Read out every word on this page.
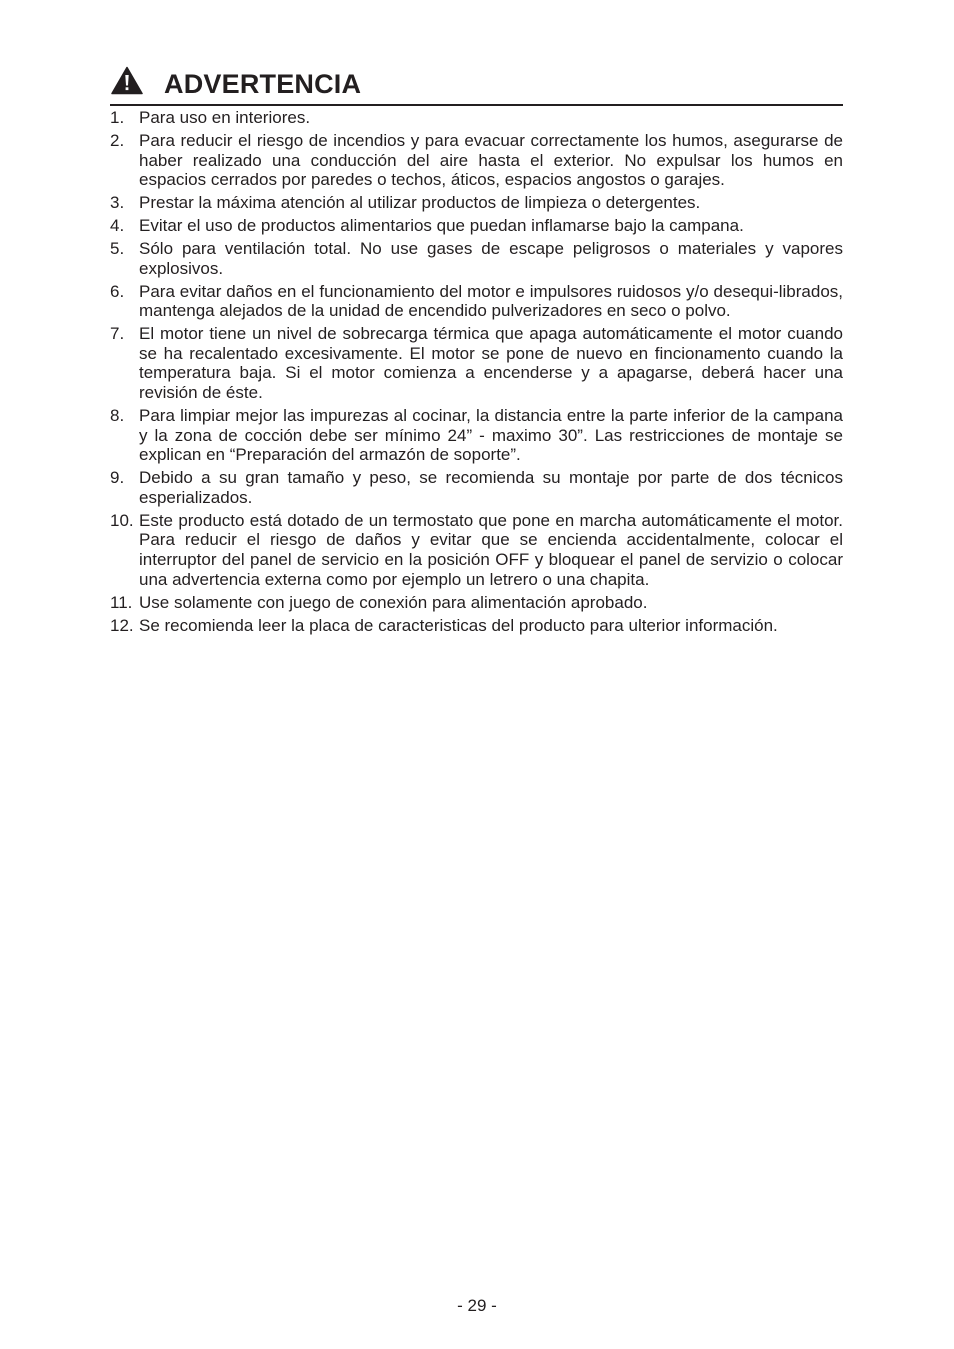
ADVERTENCIA
1. Para uso en interiores.
2. Para reducir el riesgo de incendios y para evacuar correctamente los humos, asegurarse de haber realizado una conducción del aire hasta el exterior. No expulsar los humos en espacios cerrados por paredes o techos, áticos, espacios angostos o garajes.
3. Prestar la máxima atención al utilizar productos de limpieza o detergentes.
4. Evitar el uso de productos alimentarios que puedan inflamarse bajo la campana.
5. Sólo para ventilación total. No use gases de escape peligrosos o materiales y vapores explosivos.
6. Para evitar daños en el funcionamiento del motor e impulsores ruidosos y/o desequi-librados, mantenga alejados de la unidad de encendido pulverizadores en seco o polvo.
7. El motor tiene un nivel de sobrecarga térmica que apaga automáticamente el motor cuando se ha recalentado excesivamente. El motor se pone de nuevo en fincionamento cuando la temperatura baja. Si el motor comienza a encenderse y a apagarse, deberá hacer una revisión de éste.
8. Para limpiar mejor las impurezas al cocinar, la distancia entre la parte inferior de la campana y la zona de cocción debe ser mínimo 24” - maximo 30”. Las restricciones de montaje se explican en “Preparación del armazón de soporte”.
9. Debido a su gran tamaño y peso, se recomienda su montaje por parte de dos técnicos esperializados.
10. Este producto está dotado de un termostato que pone en marcha automáticamente el motor. Para reducir el riesgo de daños y evitar que se encienda accidentalmente, colocar el interruptor del panel de servicio en la posición OFF y bloquear el panel de servizio o colocar una advertencia externa como por ejemplo un letrero o una chapita.
11. Use solamente con juego de conexión para alimentación aprobado.
12. Se recomienda leer la placa de caracteristicas del producto para ulterior información.
- 29 -
